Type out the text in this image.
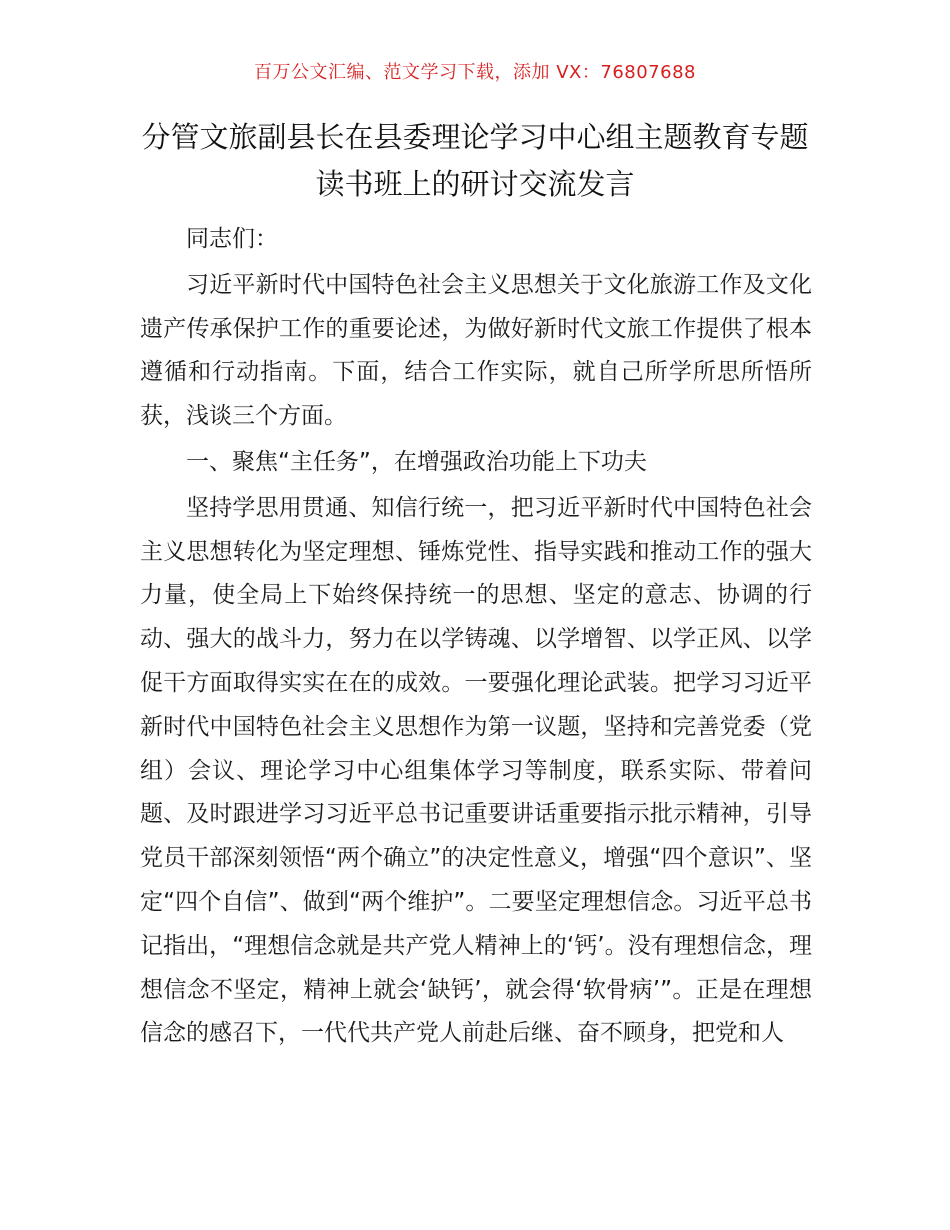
百万公文汇编、范文学习下载，添加 VX：76807688
分管文旅副县长在县委理论学习中心组主题教育专题读书班上的研讨交流发言

同志们：

习近平新时代中国特色社会主义思想关于文化旅游工作及文化遗产传承保护工作的重要论述，为做好新时代文旅工作提供了根本遵循和行动指南。下面，结合工作实际，就自己所学所思所悟所获，浅谈三个方面。

一、聚焦“主任务”，在增强政治功能上下功夫

坚持学思用贯通、知信行统一，把习近平新时代中国特色社会主义思想转化为坚定理想、锤炼党性、指导实践和推动工作的强大力量，使全局上下始终保持统一的思想、坚定的意志、协调的行动、强大的战斗力，努力在以学铸魂、以学增智、以学正风、以学促干方面取得实实在在的成效。一要强化理论武装。把学习习近平新时代中国特色社会主义思想作为第一议题，坚持和完善党委（党组）会议、理论学习中心组集体学习等制度，联系实际、带着问题、及时跟进学习习近平总书记重要讲话重要指示批示精神，引导党员干部深刻领悟“两个确立”的决定性意义，增强“四个意识”、坚定“四个自信”、做到“两个维护”。二要坚定理想信念。习近平总书记指出，“理想信念就是共产党人精神上的‘钙’。没有理想信念，理想信念不坚定，精神上就会‘缺钙’，就会得‘软骨病’”。正是在理想信念的感召下，一代代共产党人前赴后继、奋不顾身，把党和人
